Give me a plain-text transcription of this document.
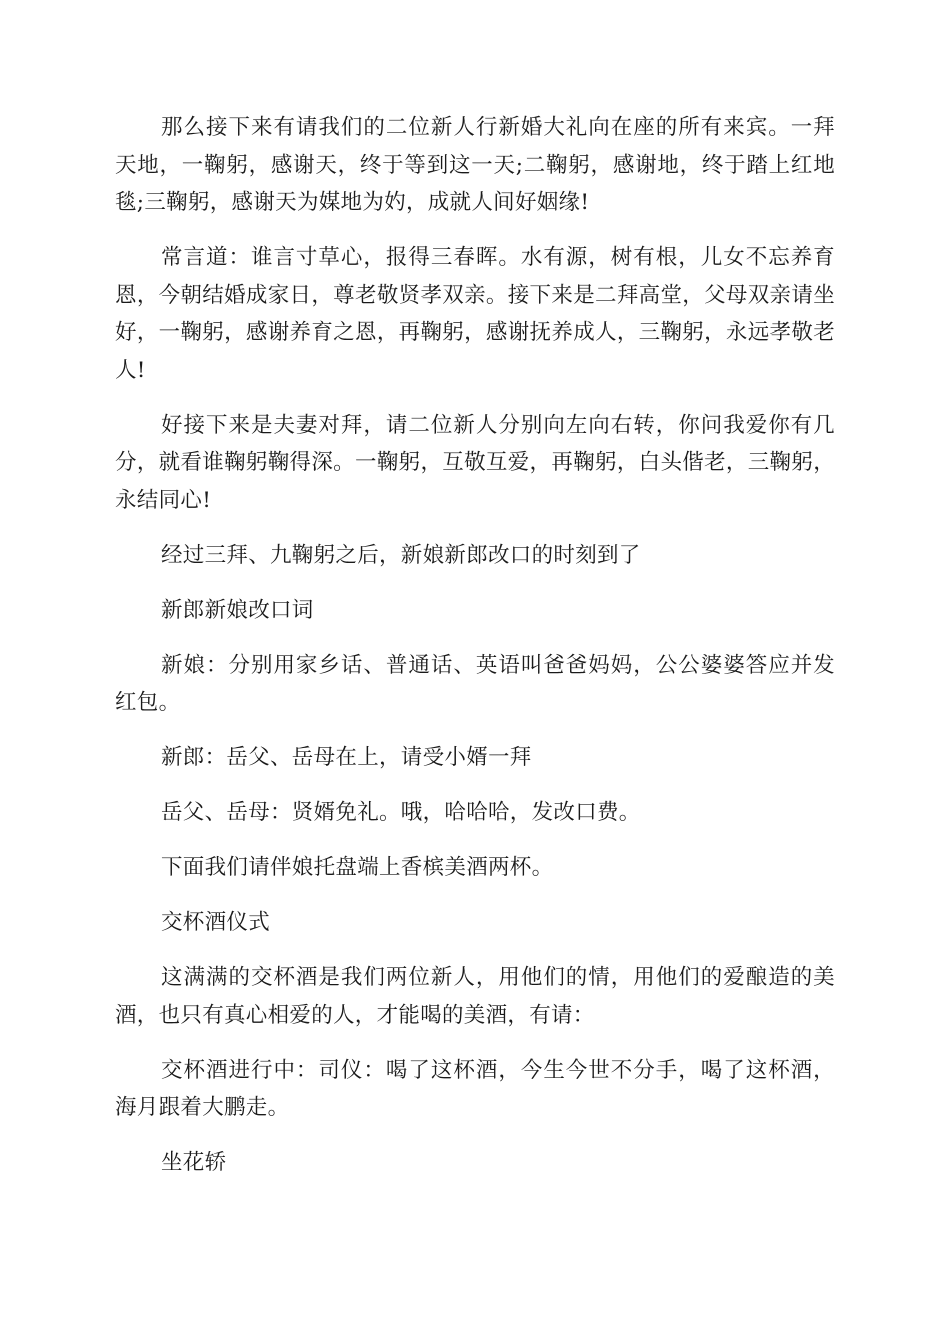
那么接下来有请我们的二位新人行新婚大礼向在座的所有来宾。一拜天地，一鞠躬，感谢天，终于等到这一天;二鞠躬，感谢地，终于踏上红地毯;三鞠躬，感谢天为媒地为妁，成就人间好姻缘!

常言道：谁言寸草心，报得三春晖。水有源，树有根，儿女不忘养育恩，今朝结婚成家日，尊老敬贤孝双亲。接下来是二拜高堂，父母双亲请坐好，一鞠躬，感谢养育之恩，再鞠躬，感谢抚养成人，三鞠躬，永远孝敬老人!

好接下来是夫妻对拜，请二位新人分别向左向右转，你问我爱你有几分，就看谁鞠躬鞠得深。一鞠躬，互敬互爱，再鞠躬，白头偕老，三鞠躬，永结同心!

经过三拜、九鞠躬之后，新娘新郎改口的时刻到了

新郎新娘改口词

新娘：分别用家乡话、普通话、英语叫爸爸妈妈，公公婆婆答应并发红包。

新郎：岳父、岳母在上，请受小婿一拜

岳父、岳母：贤婿免礼。哦，哈哈哈，发改口费。

下面我们请伴娘托盘端上香槟美酒两杯。

交杯酒仪式

这满满的交杯酒是我们两位新人，用他们的情，用他们的爱酿造的美酒，也只有真心相爱的人，才能喝的美酒，有请：

交杯酒进行中：司仪：喝了这杯酒，今生今世不分手，喝了这杯酒，海月跟着大鹏走。

坐花轿
